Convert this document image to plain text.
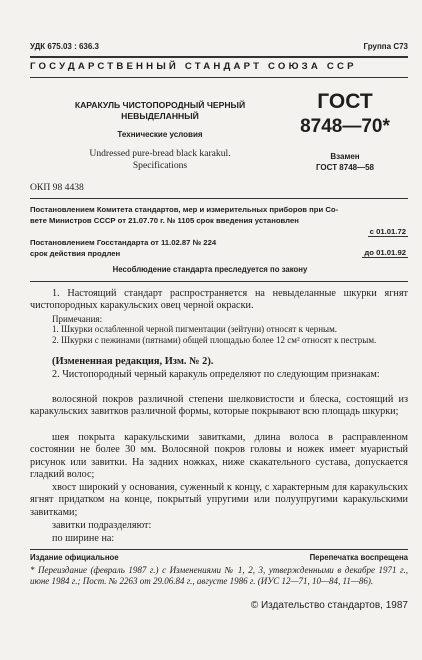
УДК 675.03 : 636.3	Группа С73
ГОСУДАРСТВЕННЫЙ СТАНДАРТ СОЮЗА ССР
КАРАКУЛЬ ЧИСТОПОРОДНЫЙ ЧЕРНЫЙ
НЕВЫДЕЛАННЫЙ
Технические условия
Undressed pure-bread black karakul.
Specifications
ОКП 98 4438
ГОСТ
8748—70*
Взамен
ГОСТ 8748—58
Постановлением Комитета стандартов, мер и измерительных приборов при Со-
вете Министров СССР от 21.07.70 г. № 1105 срок введения установлен
с 01.01.72
Постановлением Госстандарта от 11.02.87 № 224
срок действия продлен	до 01.01.92
Несоблюдение стандарта преследуется по закону
1. Настоящий стандарт распространяется на невыделанные шкурки ягнят чистопородных каракульских овец черной окраски.
Примечания:
1. Шкурки ослабленной черной пигментации (зейтуни) относят к черным.
2. Шкурки с пежинами (пятнами) общей площадью более 12 см² относят к пестрым.
(Измененная редакция, Изм. № 2).
2. Чистопородный черный каракуль определяют по следующим признакам:
волосяной покров различной степени шелковистости и блеска, состоящий из каракульских завитков различной формы, которые покрывают всю площадь шкурки;
шея покрыта каракульскими завитками, длина волоса в расправленном состоянии не более 30 мм. Волосяной покров головы и ножек имеет муаристый рисунок или завитки. На задних ножках, ниже скакательного сустава, допускается гладкий волос;
хвост широкий у основания, суженный к концу, с характерным для каракульских ягнят придатком на конце, покрытый упругими или полуупругими каракульскими завитками;
завитки подразделяют:
по ширине на:
Издание официальное	Перепечатка воспрещена
* Переиздание (февраль 1987 г.) с Изменениями № 1, 2, 3, утвержденными в декабре 1971 г., июне 1984 г.; Пост. № 2263 от 29.06.84 г., августе 1986 г. (ИУС 12—71, 10—84, 11—86).
© Издательство стандартов, 1987
